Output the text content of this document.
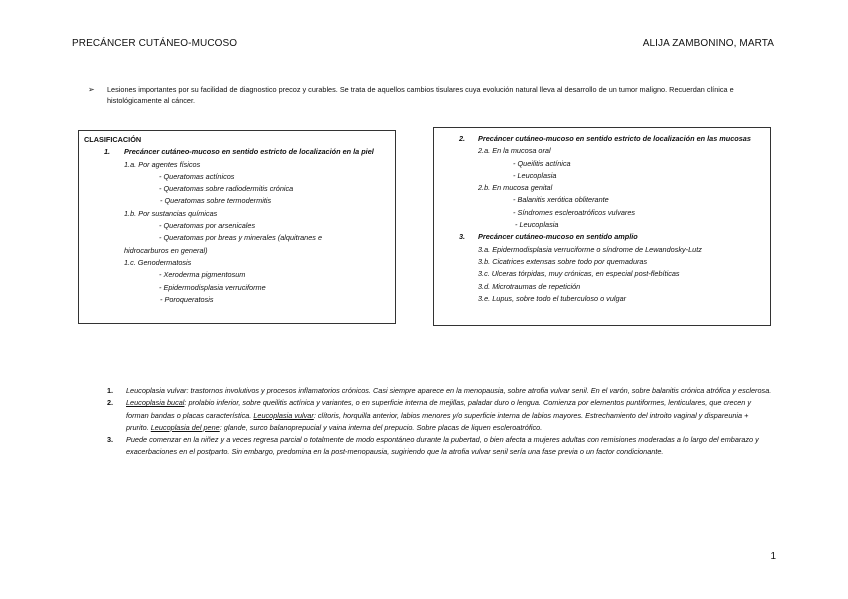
PRECÁNCER CUTÁNEO-MUCOSO	ALIJA ZAMBONINO, MARTA
➢ Lesiones importantes por su facilidad de diagnostico precoz y curables. Se trata de aquellos cambios tisulares cuya evolución natural lleva al desarrollo de un tumor maligno. Recuerdan clínica e histológicamente al cáncer.

CLASIFICACIÓN
1. Precáncer cutáneo-mucoso en sentido estricto de localización en la piel
1.a. Por agentes físicos
- Queratomas actínicos
- Queratomas sobre radiodermitis crónica
- Queratomas sobre termodermitis
1.b. Por sustancias químicas
- Queratomas por arsenicales
- Queratomas por breas y minerales (alquitranes e
hidrocarburos en general)
1.c. Genodermatosis
- Xeroderma pigmentosum
- Epidermodisplasia verruciforme
- Poroqueratosis
2. Precáncer cutáneo-mucoso en sentido estricto de localización en las mucosas
2.a. En la mucosa oral
- Queilitis actínica
- Leucoplasia
2.b. En mucosa genital
- Balanitis xerótica obliterante
- Síndromes escleroatróficos vulvares
- Leucoplasia
3. Precáncer cutáneo-mucoso en sentido amplio
3.a. Epidermodisplasia verruciforme o síndrome de Lewandosky-Lutz
3.b. Cicatrices extensas sobre todo por quemaduras
3.c. Ulceras tórpidas, muy crónicas, en especial post-flebíticas
3.d. Microtraumas de repetición
3.e. Lupus, sobre todo el tuberculoso o vulgar

1. Leucoplasia vulvar: trastornos involutivos y procesos inflamatorios crónicos. Casi siempre aparece en la menopausia, sobre atrofia vulvar senil. En el varón, sobre balanitis crónica atrófica y esclerosa.

2. Leucoplasia bucal: prolabio inferior, sobre queilitis actínica y variantes, o en superficie interna de mejillas, paladar duro o lengua. Comienza por elementos puntiformes, lenticulares, que crecen y forman bandas o placas característica. Leucoplasia vulvar: clítoris, horquilla anterior, labios menores y/o superficie interna de labios mayores. Estrechamiento del introito vaginal y dispareunia + prurito. Leucoplasia del pene: glande, surco balanoprepucial y vaina interna del prepucio. Sobre placas de liquen escleroatrófico.

3. Puede comenzar en la niñez y a veces regresa parcial o totalmente de modo espontáneo durante la pubertad, o bien afecta a mujeres adultas con remisiones moderadas a lo largo del embarazo y exacerbaciones en el postparto. Sin embargo, predomina en la post-menopausia, sugiriendo que la atrofia vulvar senil sería una fase previa o un factor condicionante.

1
